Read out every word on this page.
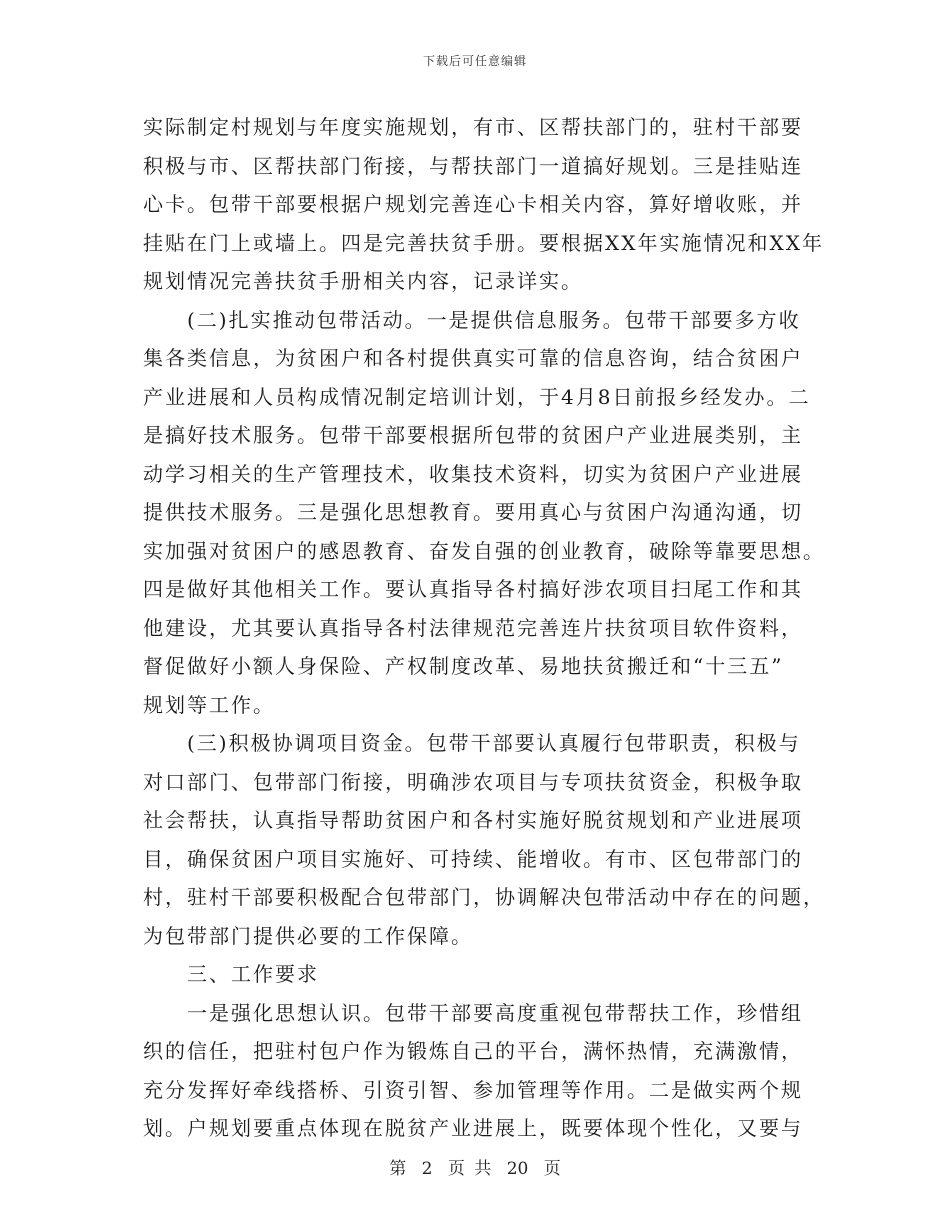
下载后可任意编辑
实际制定村规划与年度实施规划，有市、区帮扶部门的，驻村干部要
积极与市、区帮扶部门衔接，与帮扶部门一道搞好规划。三是挂贴连
心卡。包带干部要根据户规划完善连心卡相关内容，算好增收账，并
挂贴在门上或墙上。四是完善扶贫手册。要根据XX年实施情况和XX年
规划情况完善扶贫手册相关内容，记录详实。
(二)扎实推动包带活动。一是提供信息服务。包带干部要多方收
集各类信息，为贫困户和各村提供真实可靠的信息咨询，结合贫困户
产业进展和人员构成情况制定培训计划，于4月8日前报乡经发办。二
是搞好技术服务。包带干部要根据所包带的贫困户产业进展类别，主
动学习相关的生产管理技术，收集技术资料，切实为贫困户产业进展
提供技术服务。三是强化思想教育。要用真心与贫困户沟通沟通，切
实加强对贫困户的感恩教育、奋发自强的创业教育，破除等靠要思想。
四是做好其他相关工作。要认真指导各村搞好涉农项目扫尾工作和其
他建设，尤其要认真指导各村法律规范完善连片扶贫项目软件资料，
督促做好小额人身保险、产权制度改革、易地扶贫搬迁和“十三五”
规划等工作。
(三)积极协调项目资金。包带干部要认真履行包带职责，积极与
对口部门、包带部门衔接，明确涉农项目与专项扶贫资金，积极争取
社会帮扶，认真指导帮助贫困户和各村实施好脱贫规划和产业进展项
目，确保贫困户项目实施好、可持续、能增收。有市、区包带部门的
村，驻村干部要积极配合包带部门，协调解决包带活动中存在的问题，
为包带部门提供必要的工作保障。
三、工作要求
一是强化思想认识。包带干部要高度重视包带帮扶工作，珍惜组
织的信任，把驻村包户作为锻炼自己的平台，满怀热情，充满激情，
充分发挥好牵线搭桥、引资引智、参加管理等作用。二是做实两个规
划。户规划要重点体现在脱贫产业进展上，既要体现个性化，又要与
第 2 页 共 20 页
